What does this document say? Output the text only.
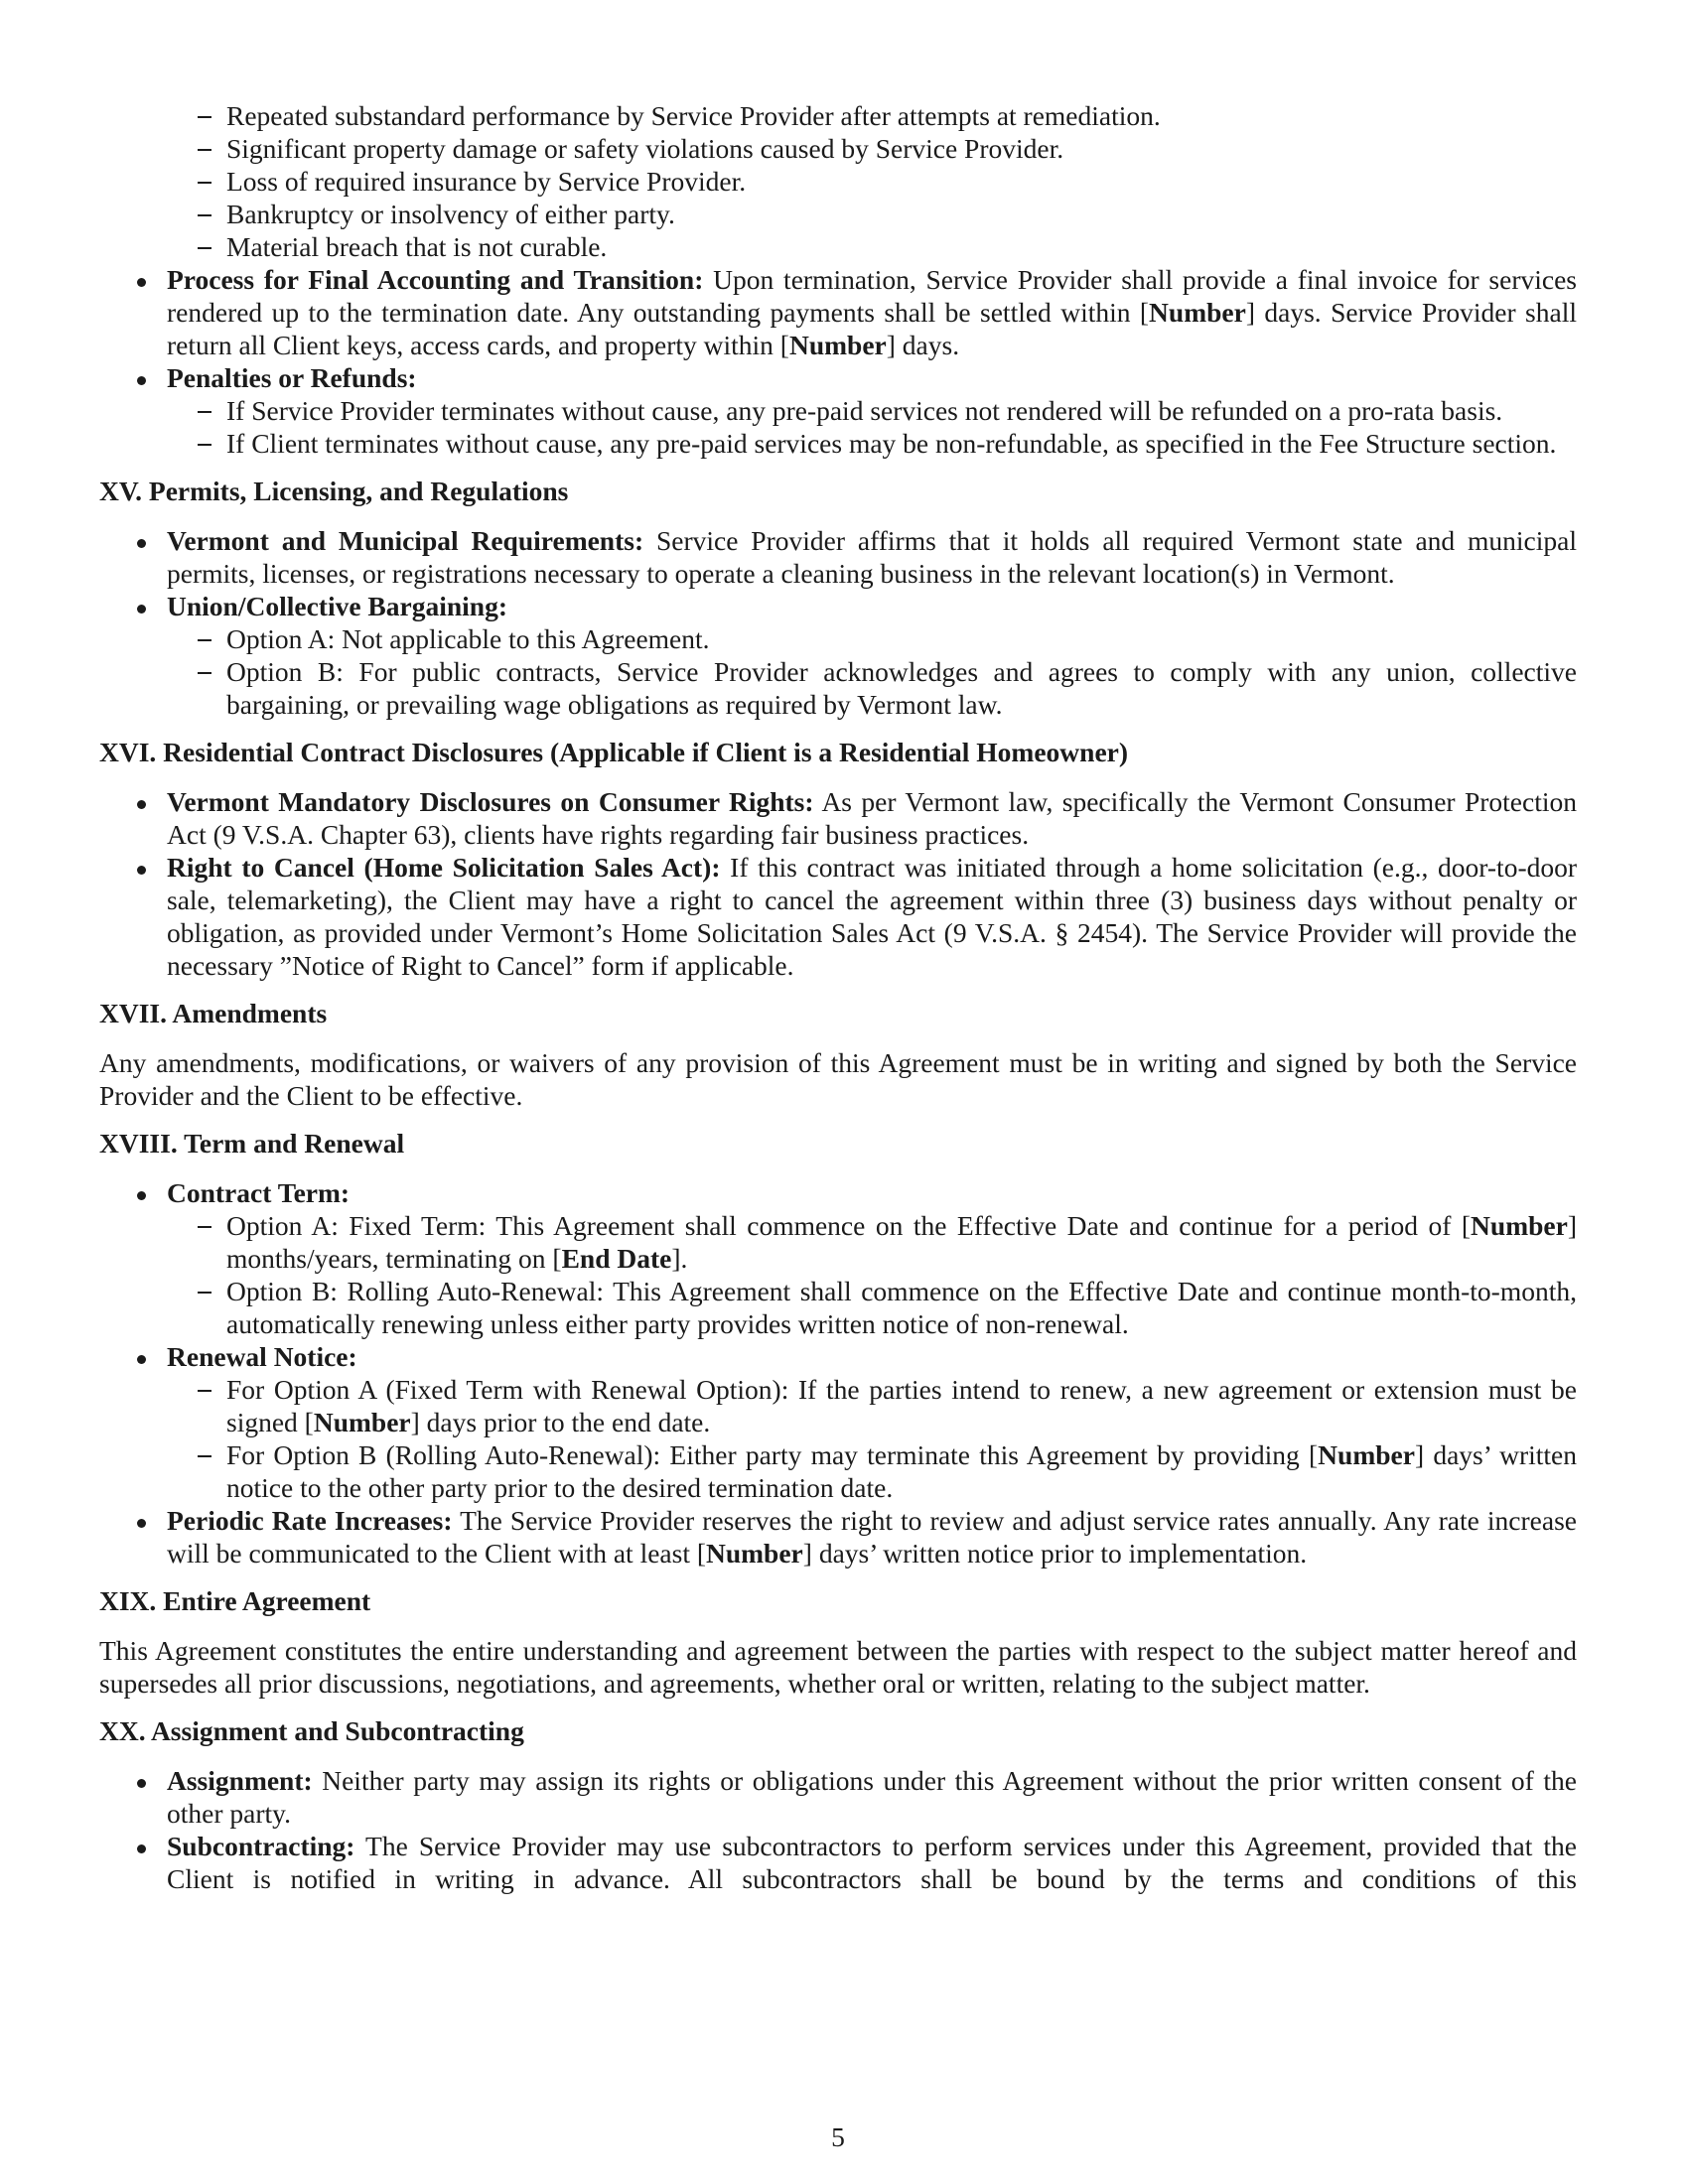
Repeated substandard performance by Service Provider after attempts at remediation.
Significant property damage or safety violations caused by Service Provider.
Loss of required insurance by Service Provider.
Bankruptcy or insolvency of either party.
Material breach that is not curable.
Process for Final Accounting and Transition: Upon termination, Service Provider shall provide a final invoice for services rendered up to the termination date. Any outstanding payments shall be settled within [Number] days. Service Provider shall return all Client keys, access cards, and property within [Number] days.
Penalties or Refunds:
If Service Provider terminates without cause, any pre-paid services not rendered will be refunded on a pro-rata basis.
If Client terminates without cause, any pre-paid services may be non-refundable, as specified in the Fee Structure section.
XV. Permits, Licensing, and Regulations
Vermont and Municipal Requirements: Service Provider affirms that it holds all required Vermont state and municipal permits, licenses, or registrations necessary to operate a cleaning business in the relevant location(s) in Vermont.
Union/Collective Bargaining:
Option A: Not applicable to this Agreement.
Option B: For public contracts, Service Provider acknowledges and agrees to comply with any union, collective bargaining, or prevailing wage obligations as required by Vermont law.
XVI. Residential Contract Disclosures (Applicable if Client is a Residential Homeowner)
Vermont Mandatory Disclosures on Consumer Rights: As per Vermont law, specifically the Vermont Consumer Protection Act (9 V.S.A. Chapter 63), clients have rights regarding fair business practices.
Right to Cancel (Home Solicitation Sales Act): If this contract was initiated through a home solicitation (e.g., door-to-door sale, telemarketing), the Client may have a right to cancel the agreement within three (3) business days without penalty or obligation, as provided under Vermont’s Home Solicitation Sales Act (9 V.S.A. § 2454). The Service Provider will provide the necessary ”Notice of Right to Cancel” form if applicable.
XVII. Amendments
Any amendments, modifications, or waivers of any provision of this Agreement must be in writing and signed by both the Service Provider and the Client to be effective.
XVIII. Term and Renewal
Contract Term:
Option A: Fixed Term: This Agreement shall commence on the Effective Date and continue for a period of [Number] months/years, terminating on [End Date].
Option B: Rolling Auto-Renewal: This Agreement shall commence on the Effective Date and continue month-to-month, automatically renewing unless either party provides written notice of non-renewal.
Renewal Notice:
For Option A (Fixed Term with Renewal Option): If the parties intend to renew, a new agreement or extension must be signed [Number] days prior to the end date.
For Option B (Rolling Auto-Renewal): Either party may terminate this Agreement by providing [Number] days’ written notice to the other party prior to the desired termination date.
Periodic Rate Increases: The Service Provider reserves the right to review and adjust service rates annually. Any rate increase will be communicated to the Client with at least [Number] days’ written notice prior to implementation.
XIX. Entire Agreement
This Agreement constitutes the entire understanding and agreement between the parties with respect to the subject matter hereof and supersedes all prior discussions, negotiations, and agreements, whether oral or written, relating to the subject matter.
XX. Assignment and Subcontracting
Assignment: Neither party may assign its rights or obligations under this Agreement without the prior written consent of the other party.
Subcontracting: The Service Provider may use subcontractors to perform services under this Agreement, provided that the Client is notified in writing in advance. All subcontractors shall be bound by the terms and conditions of this
5
